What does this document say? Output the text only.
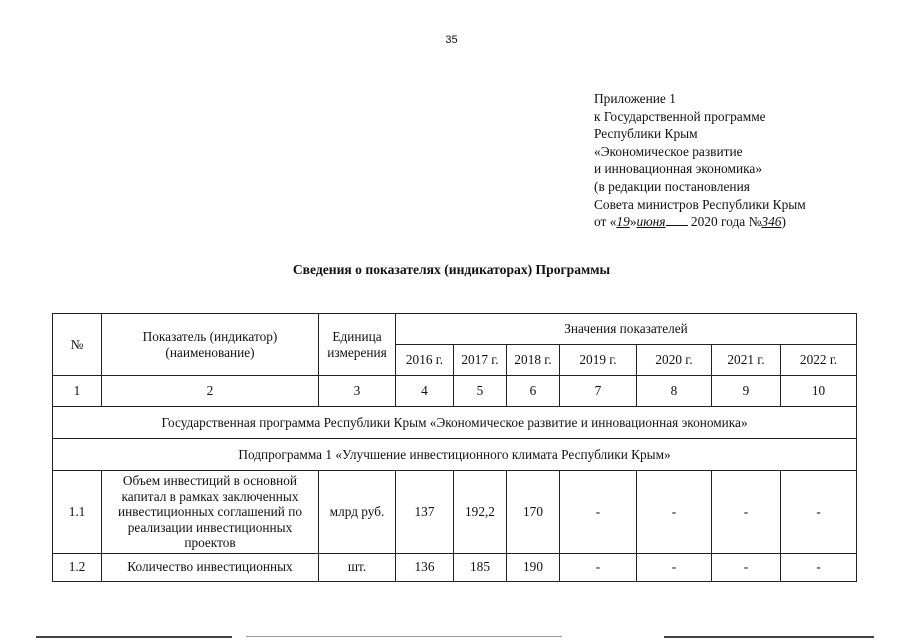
35
Приложение 1
к Государственной программе
Республики Крым
«Экономическое развитие
и инновационная экономика»
(в редакции постановления
Совета министров Республики Крым
от «19»июня 2020 года №346)
Сведения о показателях (индикаторах) Программы
№	Показатель (индикатор) (наименование)	Единица измерения	Значения показателей						
			2016 г.	2017 г.	2018 г.	2019 г.	2020 г.	2021 г.	2022 г.
1	2	3	4	5	6	7	8	9	10
Государственная программа Республики Крым «Экономическое развитие и инновационная экономика»									
Подпрограмма 1 «Улучшение инвестиционного климата Республики Крым»									
1.1	Объем инвестиций в основной капитал в рамках заключенных инвестиционных соглашений по реализации инвестиционных проектов	млрд руб.	137	192,2	170	-	-	-	-
1.2	Количество инвестиционных	шт.	136	185	190	-	-	-	-
